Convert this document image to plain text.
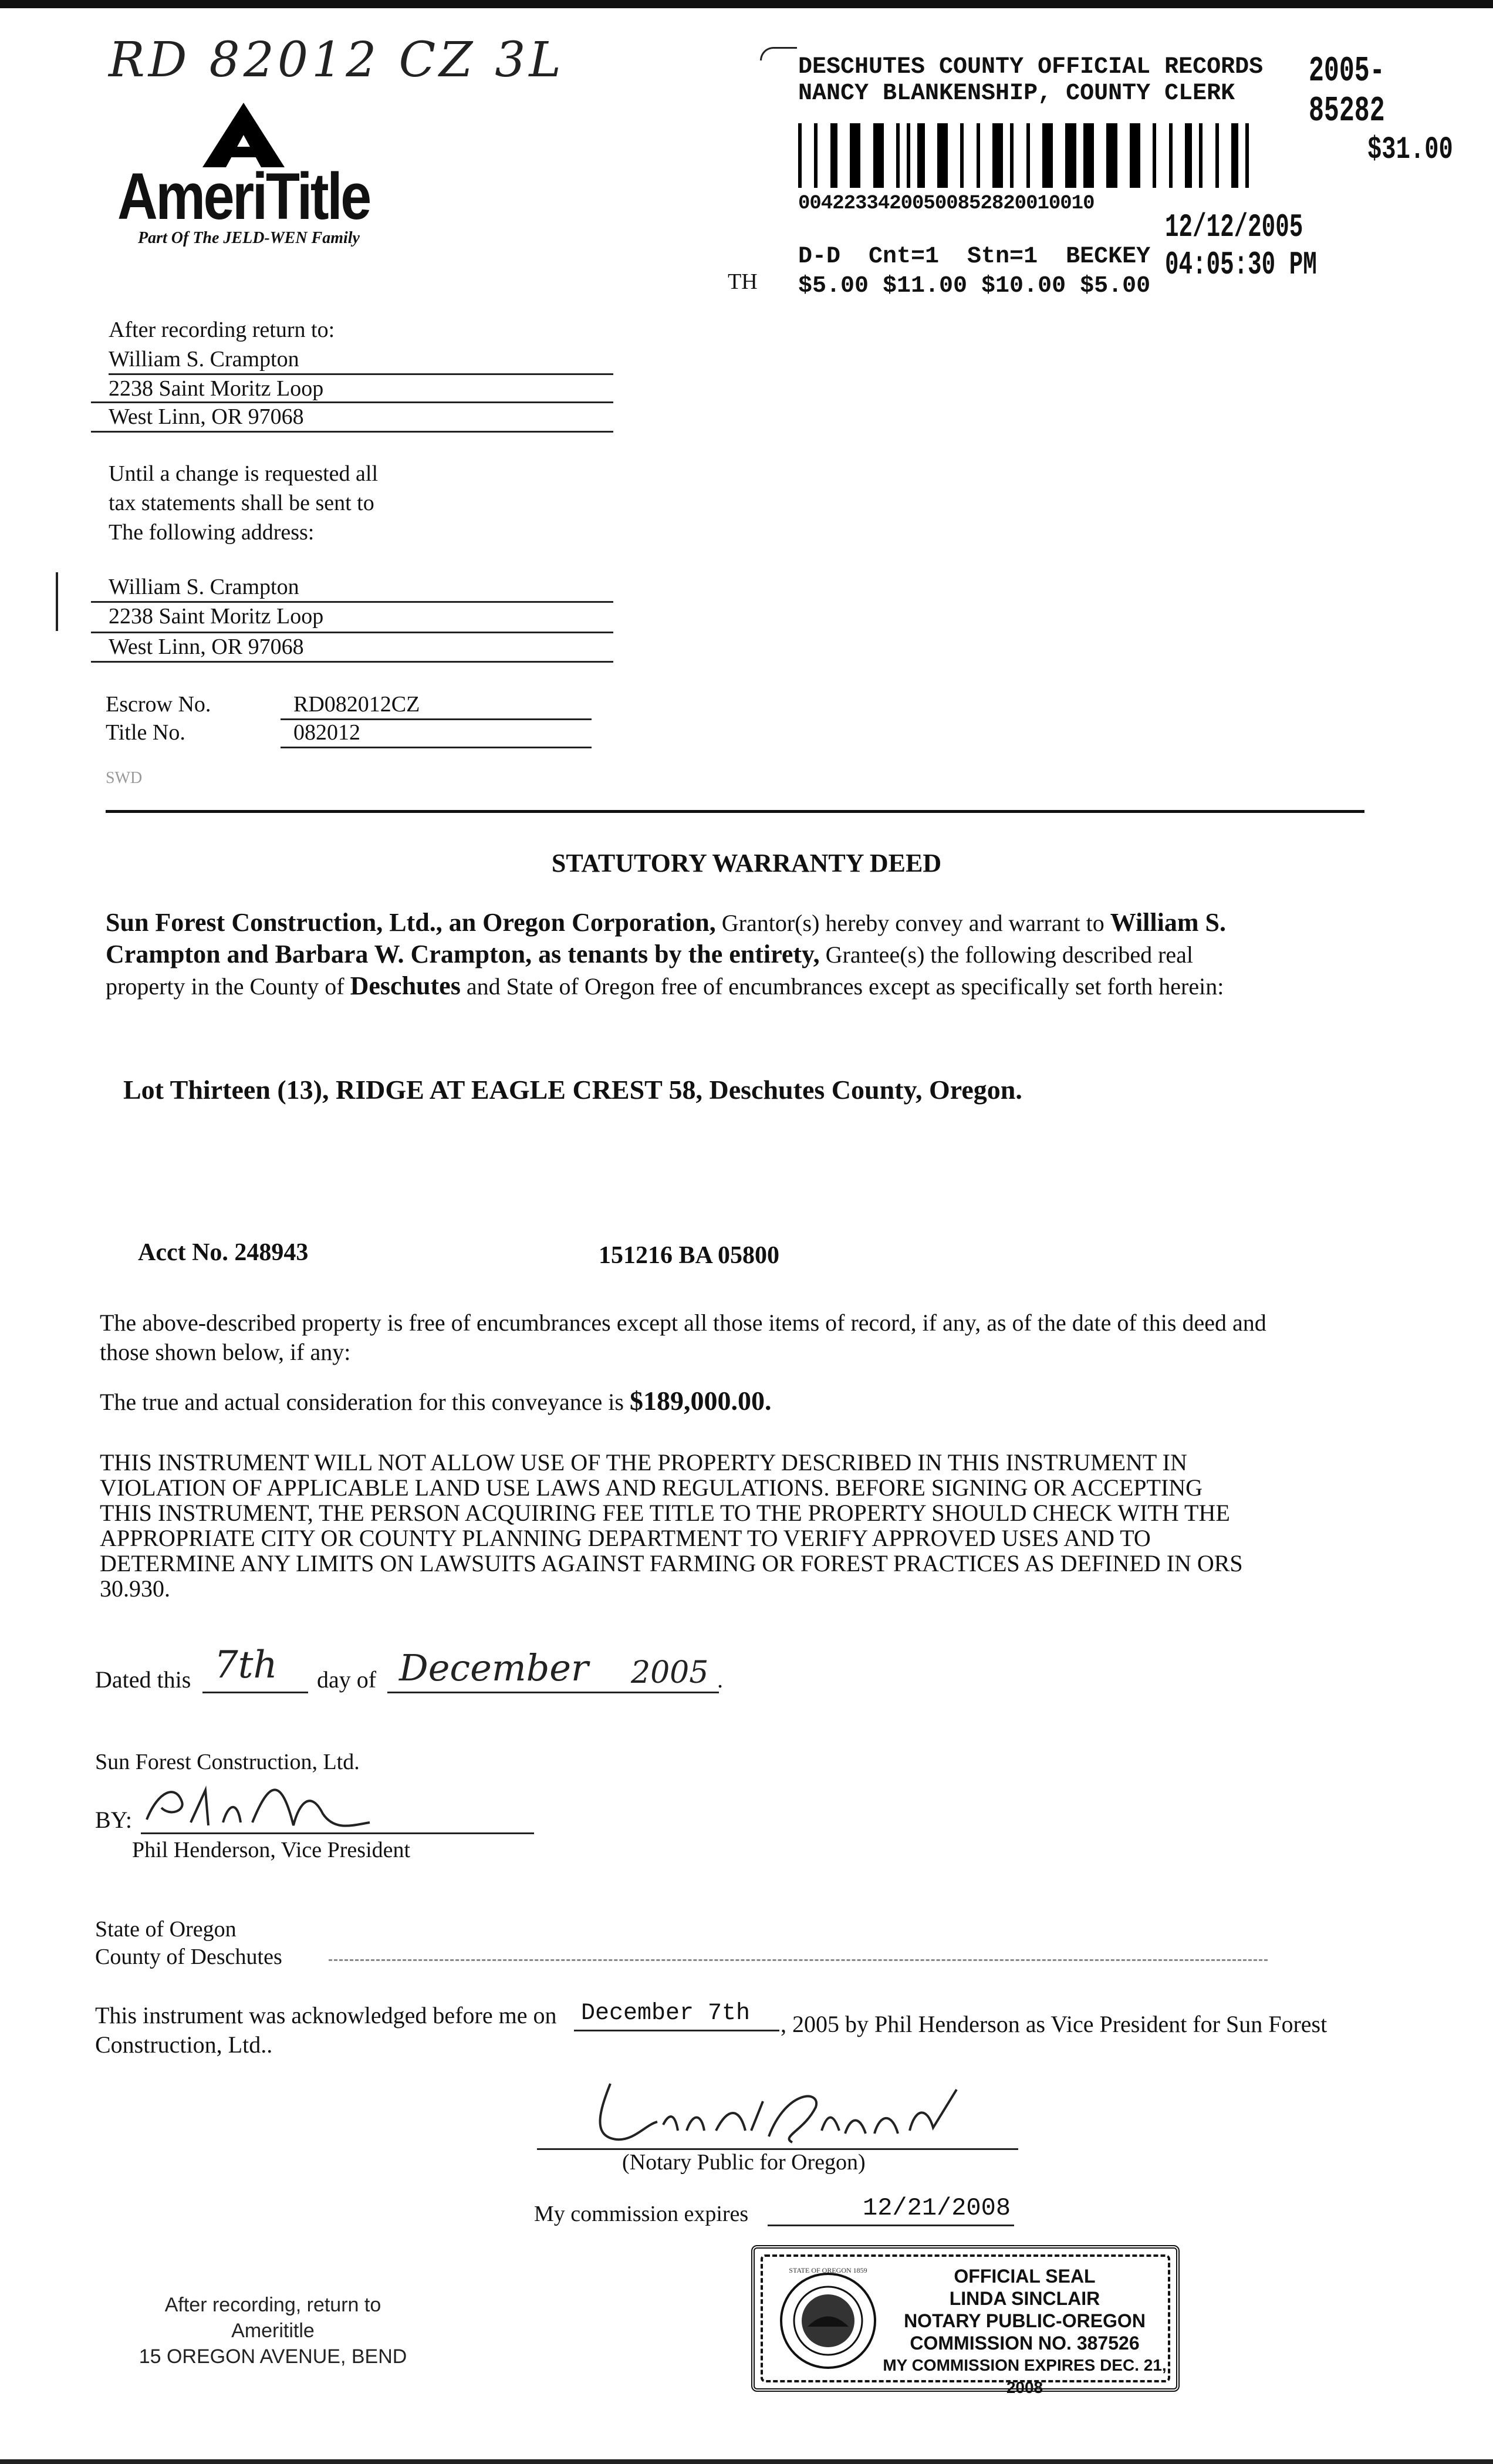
RD 82012 CZ 3L
AmeriTitle
Part Of The JELD-WEN Family
DESCHUTES COUNTY OFFICIAL RECORDS
NANCY BLANKENSHIP, COUNTY CLERK
2005-85282
$31.00
00422334200500852820010010
12/12/2005 04:05:30 PM
D-D  Cnt=1  Stn=1  BECKEY
$5.00 $11.00 $10.00 $5.00
TH
After recording return to:
William S. Crampton
2238 Saint Moritz Loop
West Linn, OR 97068
Until a change is requested all
tax statements shall be sent to
The following address:
William S. Crampton
2238 Saint Moritz Loop
West Linn, OR 97068
Escrow No.	RD082012CZ
Title No.	082012
SWD
STATUTORY WARRANTY DEED
Sun Forest Construction, Ltd., an Oregon Corporation, Grantor(s) hereby convey and warrant to William S.
Crampton and Barbara W. Crampton, as tenants by the entirety, Grantee(s) the following described real
property in the County of Deschutes and State of Oregon free of encumbrances except as specifically set forth herein:
Lot Thirteen (13), RIDGE AT EAGLE CREST 58, Deschutes County, Oregon.
Acct No. 248943	151216 BA 05800
The above-described property is free of encumbrances except all those items of record, if any, as of the date of this deed and
those shown below, if any:
The true and actual consideration for this conveyance is $189,000.00.
THIS INSTRUMENT WILL NOT ALLOW USE OF THE PROPERTY DESCRIBED IN THIS INSTRUMENT IN
VIOLATION OF APPLICABLE LAND USE LAWS AND REGULATIONS. BEFORE SIGNING OR ACCEPTING
THIS INSTRUMENT, THE PERSON ACQUIRING FEE TITLE TO THE PROPERTY SHOULD CHECK WITH THE
APPROPRIATE CITY OR COUNTY PLANNING DEPARTMENT TO VERIFY APPROVED USES AND TO
DETERMINE ANY LIMITS ON LAWSUITS AGAINST FARMING OR FOREST PRACTICES AS DEFINED IN ORS
30.930.
Dated this 7th day of December 2005 .
Sun Forest Construction, Ltd.
BY:
Phil Henderson, Vice President
State of Oregon
County of Deschutes
This instrument was acknowledged before me on December 7th , 2005 by Phil Henderson as Vice President for Sun Forest
Construction, Ltd..
(Notary Public for Oregon)
My commission expires	12/21/2008
After recording, return to
Amerititle
15 OREGON AVENUE, BEND
STATE OF OREGON 1859	OFFICIAL SEAL
LINDA SINCLAIR
NOTARY PUBLIC-OREGON
COMMISSION NO. 387526
MY COMMISSION EXPIRES DEC. 21, 2008
